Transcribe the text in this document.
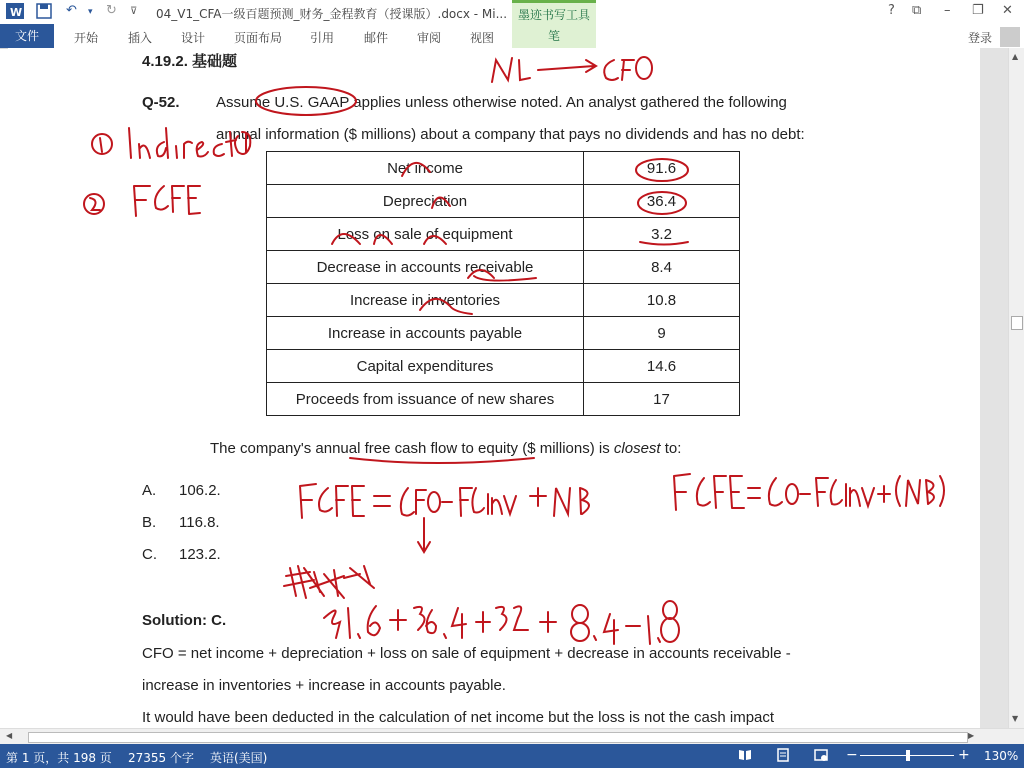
W	↶ ▾ ↻ ⊽ 04_V1_CFA一级百题预测_财务_金程教育（授课版）.docx - Mi... 墨迹书写工具	? ⧉ – ❐ ✕
文件	开始 插入 设计 页面布局 引用 邮件 审阅 视图	笔	登录
4.19.2. 基础题
Q-52. Assume U.S. GAAP applies unless otherwise noted. An analyst gathered the following
annual information ($ millions) about a company that pays no dividends and has no debt:
Net income	91.6
Depreciation	36.4
Loss on sale of equipment	3.2
Decrease in accounts receivable	8.4
Increase in inventories	10.8
Increase in accounts payable	9
Capital expenditures	14.6
Proceeds from issuance of new shares	17
The company's annual free cash flow to equity ($ millions) is closest to:
A. 106.2.
B. 116.8.
C. 123.2.
Solution: C.
CFO = net income + depreciation + loss on sale of equipment + decrease in accounts receivable -
increase in inventories + increase in accounts payable.
It would have been deducted in the calculation of net income but the loss is not the cash impact
▲
▼
◀	▶
第 1 页，共 198 页 27355 个字 英语(美国)	−	+ 130%
